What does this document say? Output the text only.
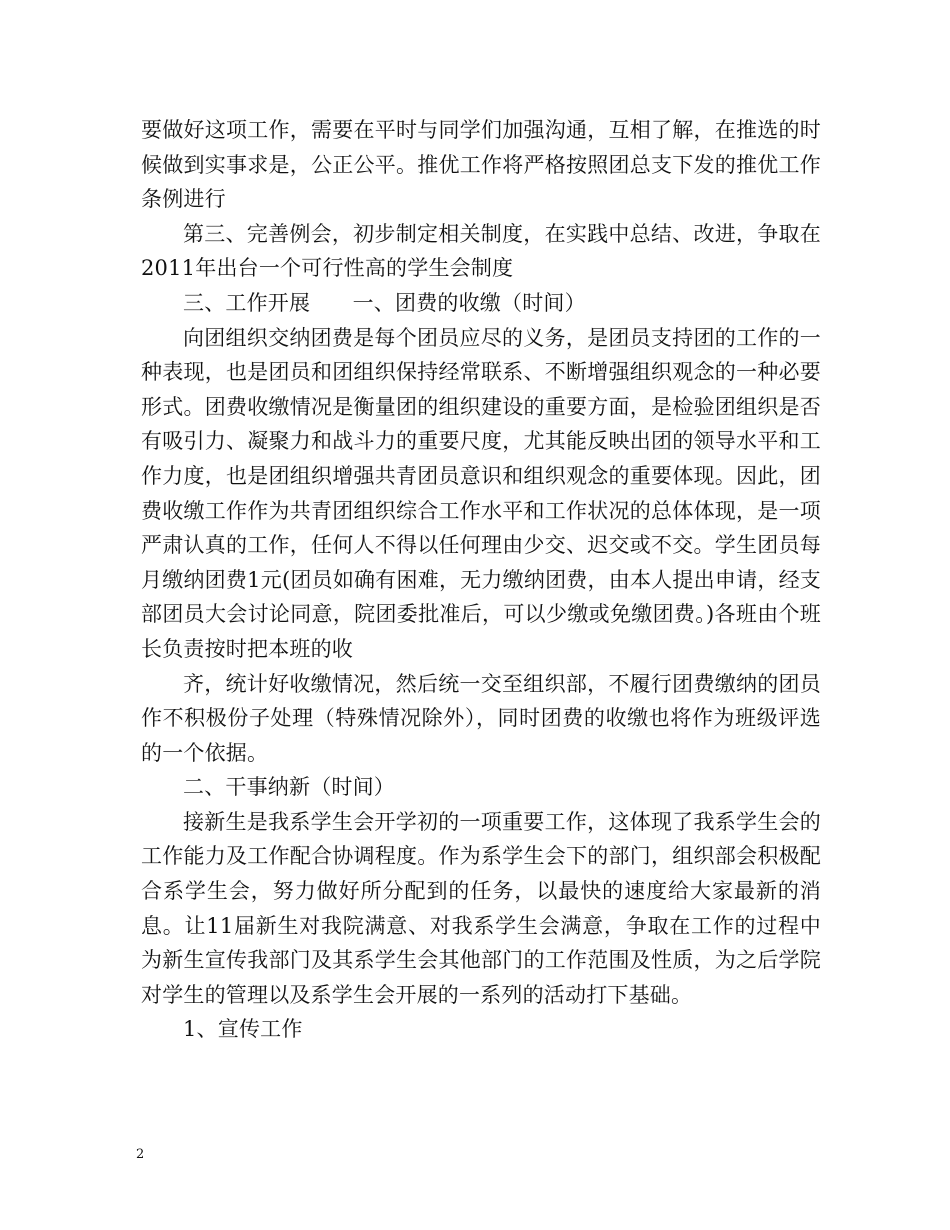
要做好这项工作，需要在平时与同学们加强沟通，互相了解，在推选的时候做到实事求是，公正公平。推优工作将严格按照团总支下发的推优工作条例进行

第三、完善例会，初步制定相关制度，在实践中总结、改进，争取在2011年出台一个可行性高的学生会制度

三、工作开展　　一、团费的收缴（时间）

向团组织交纳团费是每个团员应尽的义务，是团员支持团的工作的一种表现，也是团员和团组织保持经常联系、不断增强组织观念的一种必要形式。团费收缴情况是衡量团的组织建设的重要方面，是检验团组织是否有吸引力、凝聚力和战斗力的重要尺度，尤其能反映出团的领导水平和工作力度，也是团组织增强共青团员意识和组织观念的重要体现。因此，团费收缴工作作为共青团组织综合工作水平和工作状况的总体体现，是一项严肃认真的工作，任何人不得以任何理由少交、迟交或不交。学生团员每月缴纳团费1元(团员如确有困难，无力缴纳团费，由本人提出申请，经支部团员大会讨论同意，院团委批准后，可以少缴或免缴团费。)各班由个班长负责按时把本班的收

齐，统计好收缴情况，然后统一交至组织部，不履行团费缴纳的团员作不积极份子处理（特殊情况除外），同时团费的收缴也将作为班级评选的一个依据。

二、干事纳新（时间）

接新生是我系学生会开学初的一项重要工作，这体现了我系学生会的工作能力及工作配合协调程度。作为系学生会下的部门，组织部会积极配合系学生会，努力做好所分配到的任务，以最快的速度给大家最新的消息。让11届新生对我院满意、对我系学生会满意，争取在工作的过程中为新生宣传我部门及其系学生会其他部门的工作范围及性质，为之后学院对学生的管理以及系学生会开展的一系列的活动打下基础。

1、宣传工作

2
